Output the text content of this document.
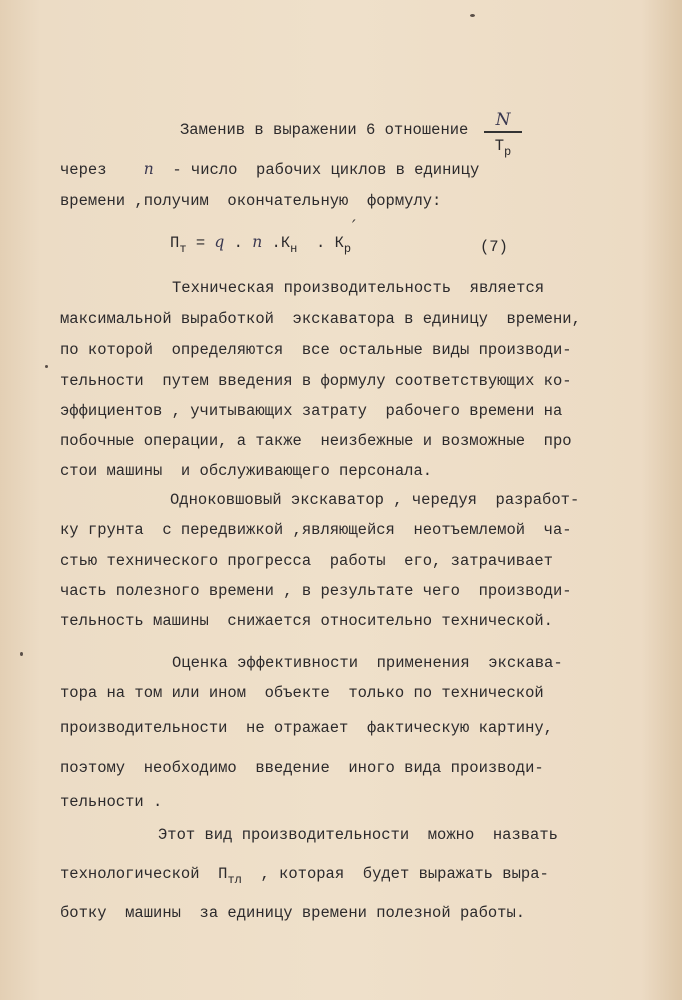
Заменив в выражении 6 отношение	N
$Т_р$
через n - число  рабочих циклов в единицу
времени ,получим  окончательную  формулу:
$П_т = q$ . n $.К_н$  . $К_р$
′
(7)
Техническая производительность  является
максимальной выработкой  экскаватора в единицу  времени,
по которой  определяются  все остальные виды производи-
тельности  путем введения в формулу соответствующих ко-
эффициентов , учитывающих затрату  рабочего времени на
побочные операции, а также  неизбежные и возможные  про
стои машины  и обслуживающего персонала.
Одноковшовый экскаватор , чередуя  разработ-
ку грунта  с передвижкой ,являющейся  неотъемлемой  ча-
стью технического прогресса  работы  его, затрачивает
часть полезного времени , в результате чего  производи-
тельность машины  снижается относительно технической.
Оценка эффективности  применения  экскава-
тора на том или ином  объекте  только по технической
производительности  не отражает  фактическую картину,
поэтому  необходимо  введение  иного вида производи-
тельности .
Этот вид производительности  можно  назвать
технологической  $П_{тл}$  , которая  будет выражать выра-
ботку  машины  за единицу времени полезной работы.
